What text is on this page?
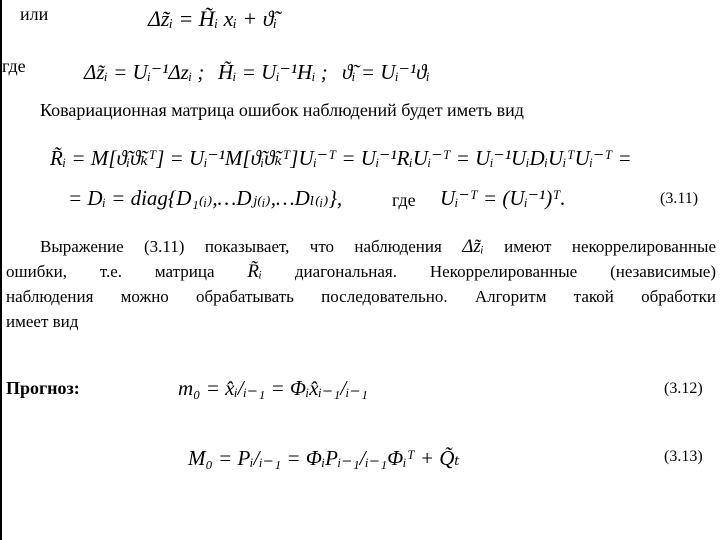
или	Δz̃ᵢ = H̃ᵢ xᵢ + ϑ̃ᵢ
где	Δz̃ᵢ = Uᵢ⁻¹Δzᵢ ; H̃ᵢ = Uᵢ⁻¹Hᵢ ; ϑ̃ᵢ = Uᵢ⁻¹ϑᵢ
Ковариационная матрица ошибок наблюдений будет иметь вид
R̃ᵢ = M[ϑ̃ᵢϑ̃ₖᵀ] = Uᵢ⁻¹M[ϑ̃ᵢϑ̃ₖᵀ]Uᵢ⁻ᵀ = Uᵢ⁻¹RᵢUᵢ⁻ᵀ = Uᵢ⁻¹UᵢDᵢUᵢᵀUᵢ⁻ᵀ =
= Dᵢ = diag{D₁₍ᵢ₎,…Dⱼ₍ᵢ₎,…Dₗ₍ᵢ₎},	где Uᵢ⁻ᵀ = (Uᵢ⁻¹)ᵀ.	(3.11)
Выражение (3.11) показывает, что наблюдения Δz̃ᵢ имеют некоррелированные
ошибки, т.е. матрица R̃ᵢ диагональная. Некоррелированные (независимые)
наблюдения можно обрабатывать последовательно. Алгоритм такой обработки
имеет вид
Прогноз:	m₀ = x̂ᵢ/ᵢ₋₁ = Φᵢx̂ᵢ₋₁/ᵢ₋₁	(3.12)
M₀ = Pᵢ/ᵢ₋₁ = ΦᵢPᵢ₋₁/ᵢ₋₁Φᵢᵀ + Q̃ₜ	(3.13)
